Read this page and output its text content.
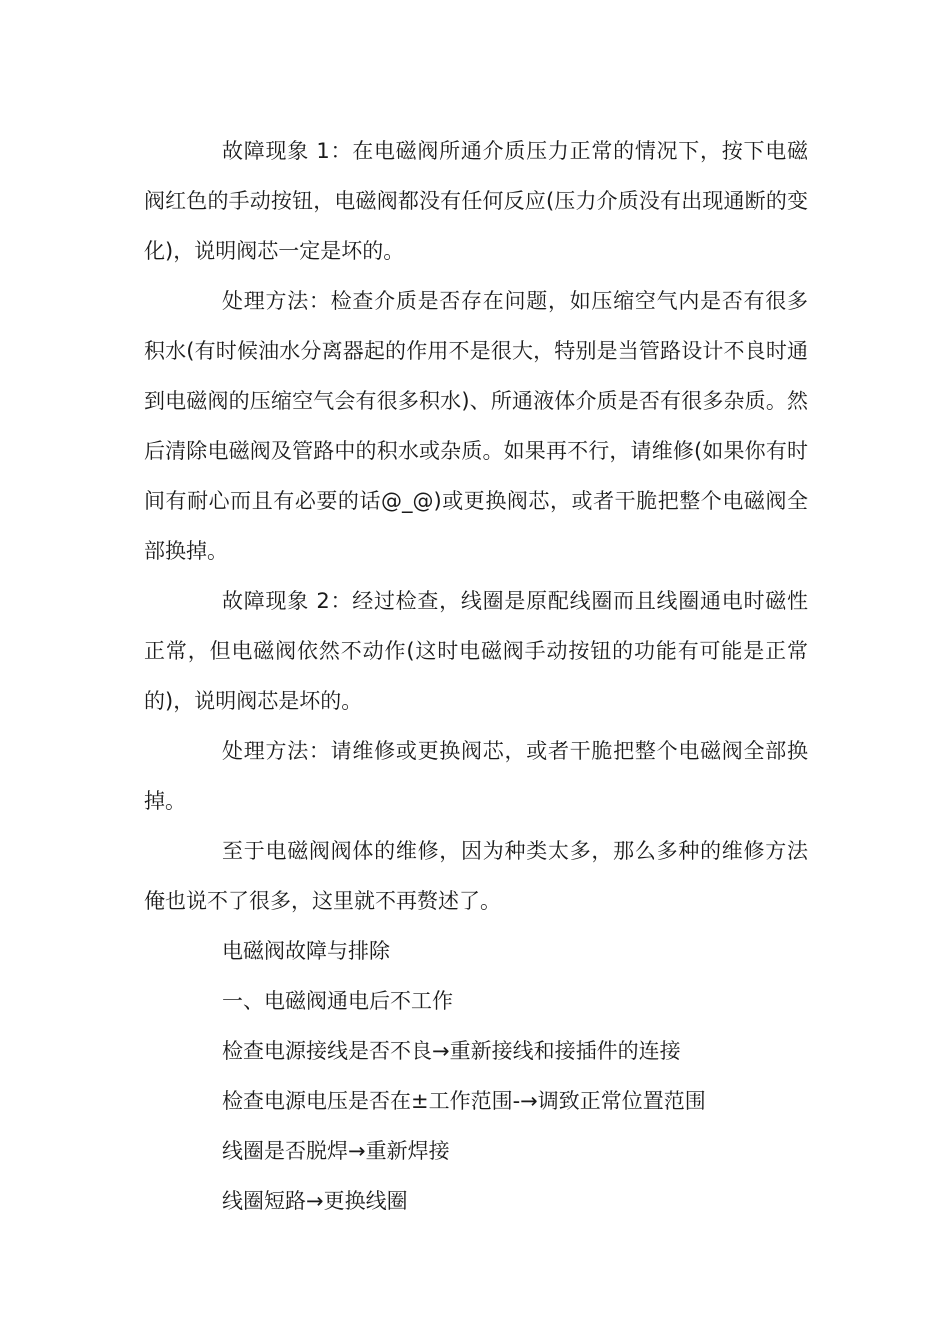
故障现象 1：在电磁阀所通介质压力正常的情况下，按下电磁阀红色的手动按钮，电磁阀都没有任何反应(压力介质没有出现通断的变化)，说明阀芯一定是坏的。

处理方法：检查介质是否存在问题，如压缩空气内是否有很多积水(有时候油水分离器起的作用不是很大，特别是当管路设计不良时通到电磁阀的压缩空气会有很多积水)、所通液体介质是否有很多杂质。然后清除电磁阀及管路中的积水或杂质。如果再不行，请维修(如果你有时间有耐心而且有必要的话@_@)或更换阀芯，或者干脆把整个电磁阀全部换掉。

故障现象 2：经过检查，线圈是原配线圈而且线圈通电时磁性正常，但电磁阀依然不动作(这时电磁阀手动按钮的功能有可能是正常的)，说明阀芯是坏的。

处理方法：请维修或更换阀芯，或者干脆把整个电磁阀全部换掉。

至于电磁阀阀体的维修，因为种类太多，那么多种的维修方法俺也说不了很多，这里就不再赘述了。

电磁阀故障与排除

一、电磁阀通电后不工作

检查电源接线是否不良→重新接线和接插件的连接

检查电源电压是否在±工作范围-→调致正常位置范围

线圈是否脱焊→重新焊接

线圈短路→更换线圈
